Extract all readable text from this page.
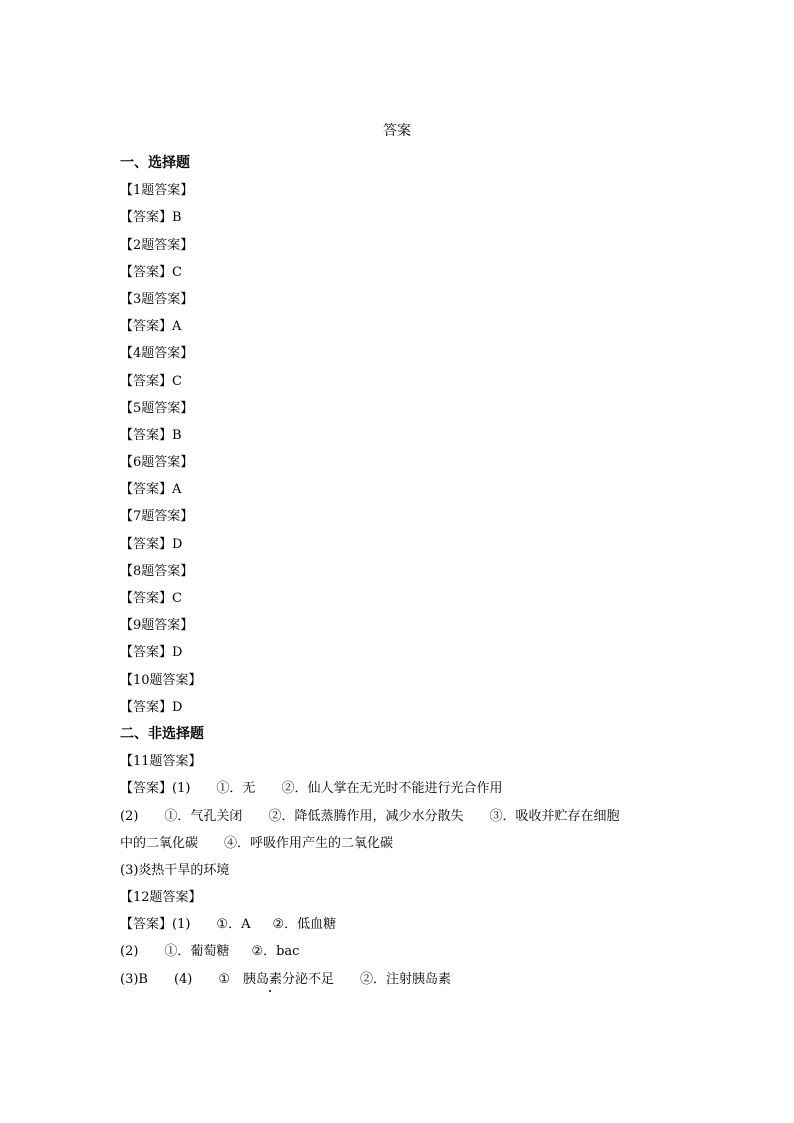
答案
一、选择题
【1题答案】
【答案】B
【2题答案】
【答案】C
【3题答案】
【答案】A
【4题答案】
【答案】C
【5题答案】
【答案】B
【6题答案】
【答案】A
【7题答案】
【答案】D
【8题答案】
【答案】C
【9题答案】
【答案】D
【10题答案】
【答案】D
二、非选择题
【11题答案】
【答案】(1) ①．无 ②．仙人掌在无光时不能进行光合作用
(2) ①．气孔关闭 ②．降低蒸腾作用，减少水分散失 ③．吸收并贮存在细胞
中的二氧化碳 ④．呼吸作用产生的二氧化碳
(3)炎热干旱的环境
【12题答案】
【答案】(1) ①．A ②．低血糖
(2) ①．葡萄糖 ②．bac
(3)B (4) ①　胰岛素分泌不足 ②．注射胰岛素
